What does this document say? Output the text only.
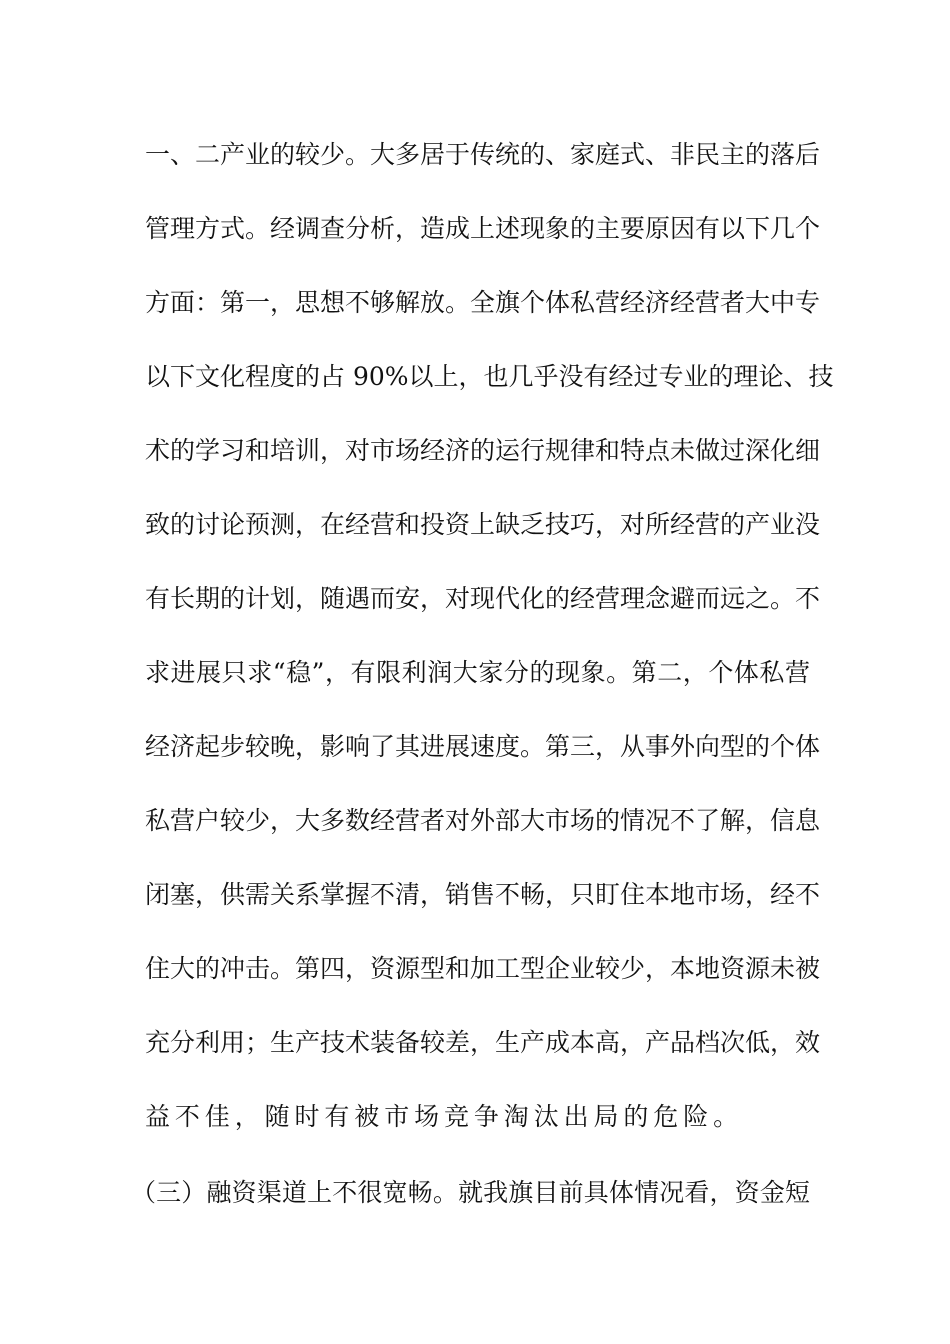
一、二产业的较少。大多居于传统的、家庭式、非民主的落后
管理方式。经调查分析，造成上述现象的主要原因有以下几个
方面：第一，思想不够解放。全旗个体私营经济经营者大中专
以下文化程度的占 90%以上，也几乎没有经过专业的理论、技
术的学习和培训，对市场经济的运行规律和特点未做过深化细
致的讨论预测，在经营和投资上缺乏技巧，对所经营的产业没
有长期的计划，随遇而安，对现代化的经营理念避而远之。不
求进展只求“稳”，有限利润大家分的现象。第二，个体私营
经济起步较晚，影响了其进展速度。第三，从事外向型的个体
私营户较少，大多数经营者对外部大市场的情况不了解，信息
闭塞，供需关系掌握不清，销售不畅，只盯住本地市场，经不
住大的冲击。第四，资源型和加工型企业较少，本地资源未被
充分利用；生产技术装备较差，生产成本高，产品档次低，效
益不佳，随时有被市场竞争淘汰出局的危险。
（三）融资渠道上不很宽畅。就我旗目前具体情况看，资金短
